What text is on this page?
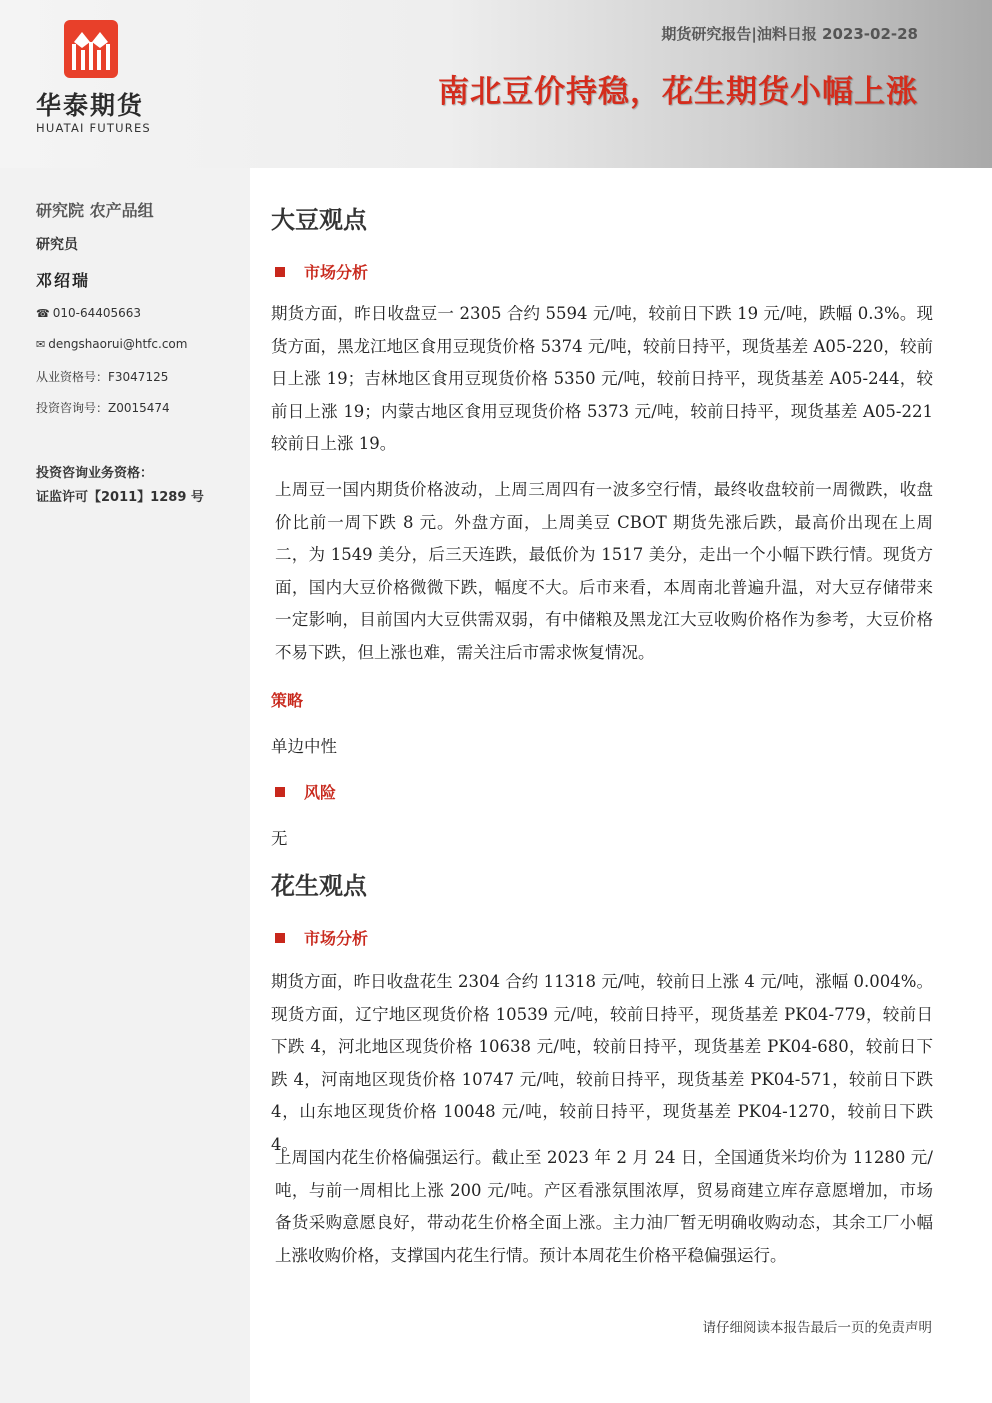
华泰期货
HUATAI FUTURES
期货研究报告|油料日报 2023-02-28
南北豆价持稳，花生期货小幅上涨
研究院 农产品组
研究员
邓绍瑞
☎ 010-64405663
✉ dengshaorui@htfc.com
从业资格号：F3047125
投资咨询号：Z0015474
投资咨询业务资格：
证监许可【2011】1289 号
大豆观点
市场分析
期货方面，昨日收盘豆一 2305 合约 5594 元/吨，较前日下跌 19 元/吨，跌幅 0.3%。现货方面，黑龙江地区食用豆现货价格 5374 元/吨，较前日持平，现货基差 A05-220，较前日上涨 19；吉林地区食用豆现货价格 5350 元/吨，较前日持平，现货基差 A05-244，较前日上涨 19；内蒙古地区食用豆现货价格 5373 元/吨，较前日持平，现货基差 A05-221 较前日上涨 19。
上周豆一国内期货价格波动，上周三周四有一波多空行情，最终收盘较前一周微跌，收盘价比前一周下跌 8 元。外盘方面，上周美豆 CBOT 期货先涨后跌，最高价出现在上周二，为 1549 美分，后三天连跌，最低价为 1517 美分，走出一个小幅下跌行情。现货方面，国内大豆价格微微下跌，幅度不大。后市来看，本周南北普遍升温，对大豆存储带来一定影响，目前国内大豆供需双弱，有中储粮及黑龙江大豆收购价格作为参考，大豆价格不易下跌，但上涨也难，需关注后市需求恢复情况。
策略
单边中性
风险
无
花生观点
市场分析
期货方面，昨日收盘花生 2304 合约 11318 元/吨，较前日上涨 4 元/吨，涨幅 0.004%。现货方面，辽宁地区现货价格 10539 元/吨，较前日持平，现货基差 PK04-779，较前日下跌 4，河北地区现货价格 10638 元/吨，较前日持平，现货基差 PK04-680，较前日下跌 4，河南地区现货价格 10747 元/吨，较前日持平，现货基差 PK04-571，较前日下跌 4，山东地区现货价格 10048 元/吨，较前日持平，现货基差 PK04-1270，较前日下跌 4。
上周国内花生价格偏强运行。截止至 2023 年 2 月 24 日，全国通货米均价为 11280 元/吨，与前一周相比上涨 200 元/吨。产区看涨氛围浓厚，贸易商建立库存意愿增加，市场备货采购意愿良好，带动花生价格全面上涨。主力油厂暂无明确收购动态，其余工厂小幅上涨收购价格，支撑国内花生行情。预计本周花生价格平稳偏强运行。
请仔细阅读本报告最后一页的免责声明
